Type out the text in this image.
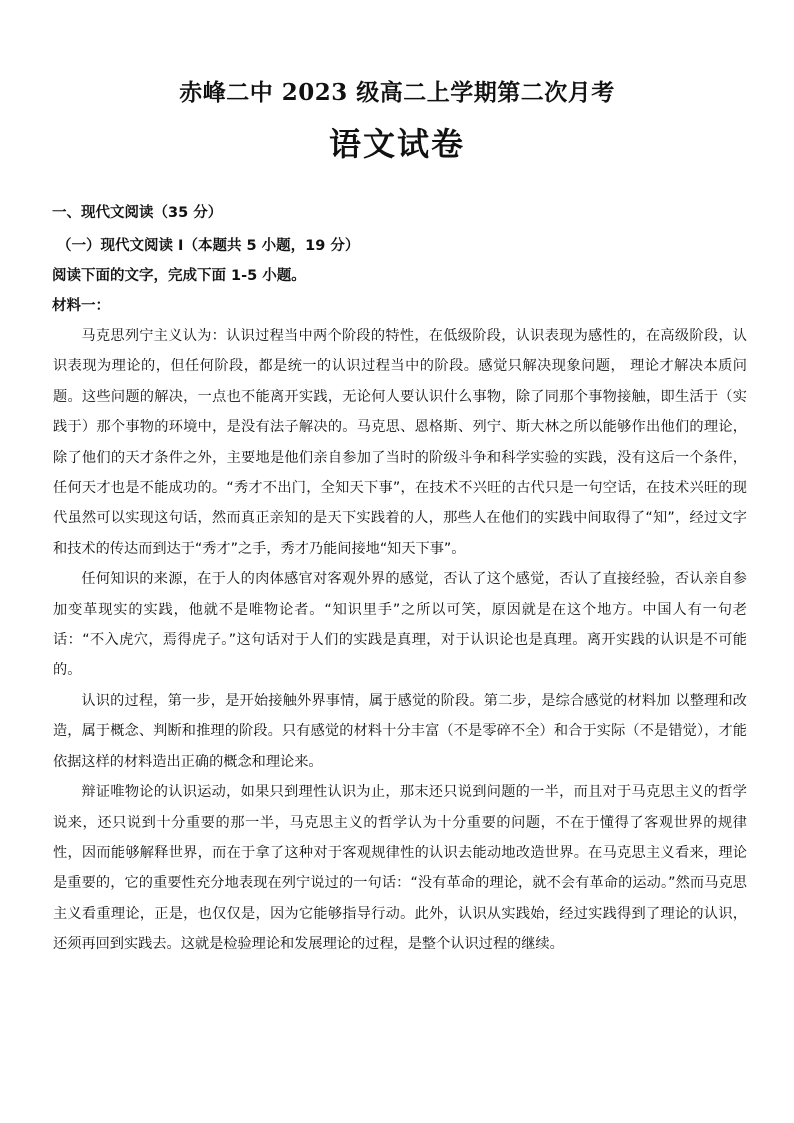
赤峰二中 2023 级高二上学期第二次月考
语文试卷
一、现代文阅读（35 分）
（一）现代文阅读 I（本题共 5 小题，19 分）
阅读下面的文字，完成下面 1-5 小题。
材料一：

马克思列宁主义认为：认识过程当中两个阶段的特性，在低级阶段，认识表现为感性的，在高级阶段，认识表现为理论的，但任何阶段，都是统一的认识过程当中的阶段。感觉只解决现象问题， 理论才解决本质问题。这些问题的解决，一点也不能离开实践，无论何人要认识什么事物，除了同那个事物接触，即生活于（实践于）那个事物的环境中，是没有法子解决的。马克思、恩格斯、列宁、斯大林之所以能够作出他们的理论，除了他们的天才条件之外，主要地是他们亲自参加了当时的阶级斗争和科学实验的实践，没有这后一个条件，任何天才也是不能成功的。“秀才不出门，全知天下事”，在技术不兴旺的古代只是一句空话，在技术兴旺的现代虽然可以实现这句话，然而真正亲知的是天下实践着的人，那些人在他们的实践中间取得了“知”，经过文字和技术的传达而到达于“秀才”之手，秀才乃能间接地“知天下事”。

任何知识的来源，在于人的肉体感官对客观外界的感觉，否认了这个感觉，否认了直接经验，否认亲自参加变革现实的实践，他就不是唯物论者。“知识里手”之所以可笑，原因就是在这个地方。中国人有一句老话：“不入虎穴，焉得虎子。”这句话对于人们的实践是真理，对于认识论也是真理。离开实践的认识是不可能的。

认识的过程，第一步，是开始接触外界事情，属于感觉的阶段。第二步，是综合感觉的材料加 以整理和改造，属于概念、判断和推理的阶段。只有感觉的材料十分丰富（不是零碎不全）和合于实际（不是错觉），才能依据这样的材料造出正确的概念和理论来。

辩证唯物论的认识运动，如果只到理性认识为止，那末还只说到问题的一半，而且对于马克思主义的哲学说来，还只说到十分重要的那一半，马克思主义的哲学认为十分重要的问题，不在于懂得了客观世界的规律性，因而能够解释世界，而在于拿了这种对于客观规律性的认识去能动地改造世界。在马克思主义看来，理论是重要的，它的重要性充分地表现在列宁说过的一句话：“没有革命的理论，就不会有革命的运动。”然而马克思主义看重理论，正是，也仅仅是，因为它能够指导行动。此外，认识从实践始，经过实践得到了理论的认识，还须再回到实践去。这就是检验理论和发展理论的过程，是整个认识过程的继续。
